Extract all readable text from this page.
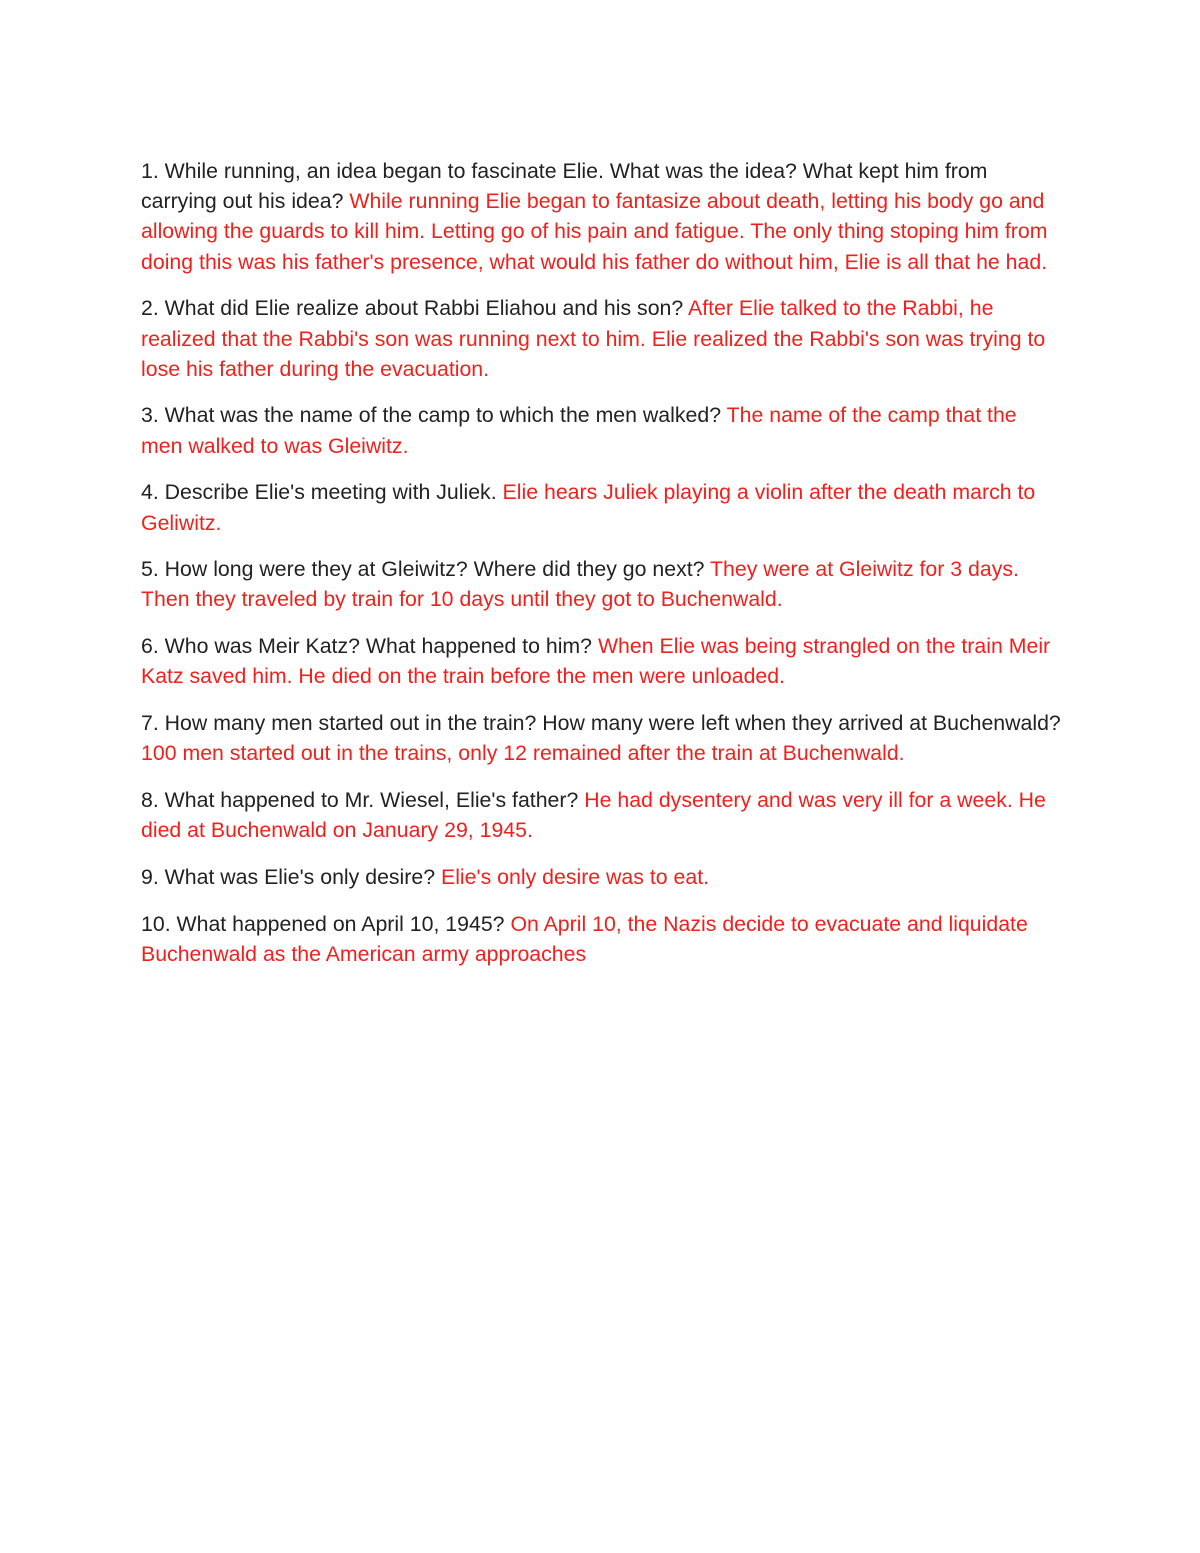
1. While running, an idea began to fascinate Elie. What was the idea? What kept him from carrying out his idea? While running Elie began to fantasize about death, letting his body go and allowing the guards to kill him. Letting go of his pain and fatigue. The only thing stoping him from doing this was his father's presence, what would his father do without him, Elie is all that he had.

2. What did Elie realize about Rabbi Eliahou and his son? After Elie talked to the Rabbi, he realized that the Rabbi's son was running next to him. Elie realized the Rabbi's son was trying to lose his father during the evacuation.

3. What was the name of the camp to which the men walked? The name of the camp that the men walked to was Gleiwitz.

4. Describe Elie's meeting with Juliek. Elie hears Juliek playing a violin after the death march to Geliwitz.

5. How long were they at Gleiwitz? Where did they go next? They were at Gleiwitz for 3 days. Then they traveled by train for 10 days until they got to Buchenwald.

6. Who was Meir Katz? What happened to him? When Elie was being strangled on the train Meir Katz saved him. He died on the train before the men were unloaded.

7. How many men started out in the train? How many were left when they arrived at Buchenwald? 100 men started out in the trains, only 12 remained after the train at Buchenwald.

8. What happened to Mr. Wiesel, Elie's father? He had dysentery and was very ill for a week. He died at Buchenwald on January 29, 1945.

9. What was Elie's only desire? Elie's only desire was to eat.

10. What happened on April 10, 1945? On April 10, the Nazis decide to evacuate and liquidate Buchenwald as the American army approaches
